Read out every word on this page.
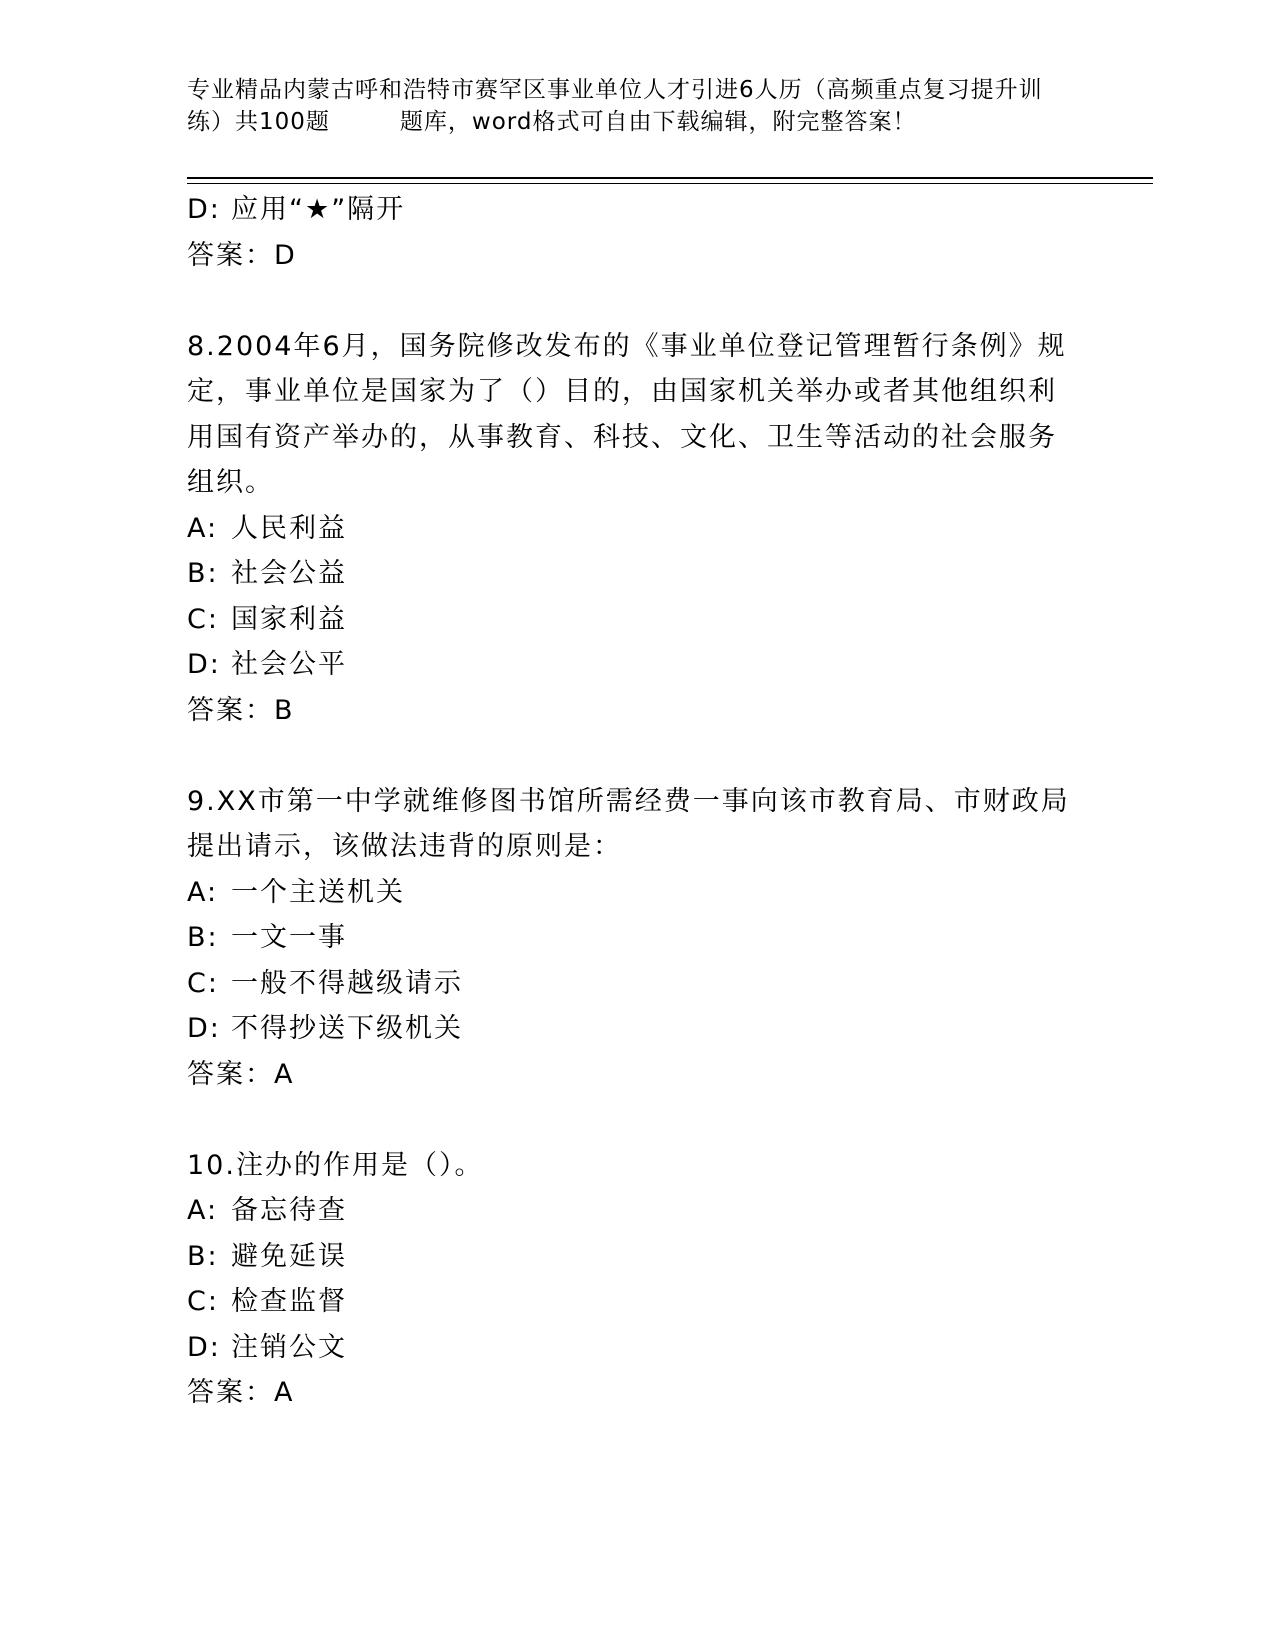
专业精品内蒙古呼和浩特市赛罕区事业单位人才引进6人历（高频重点复习提升训
练）共100题	题库，word格式可自由下载编辑，附完整答案！
D: 应用“★”隔开
答案：D
8.2004年6月，国务院修改发布的《事业单位登记管理暂行条例》规
定，事业单位是国家为了（）目的，由国家机关举办或者其他组织利
用国有资产举办的，从事教育、科技、文化、卫生等活动的社会服务
组织。
A: 人民利益
B: 社会公益
C: 国家利益
D: 社会公平
答案：B
9.XX市第一中学就维修图书馆所需经费一事向该市教育局、市财政局
提出请示，该做法违背的原则是：
A: 一个主送机关
B: 一文一事
C: 一般不得越级请示
D: 不得抄送下级机关
答案：A
10.注办的作用是（）。
A: 备忘待查
B: 避免延误
C: 检查监督
D: 注销公文
答案：A
